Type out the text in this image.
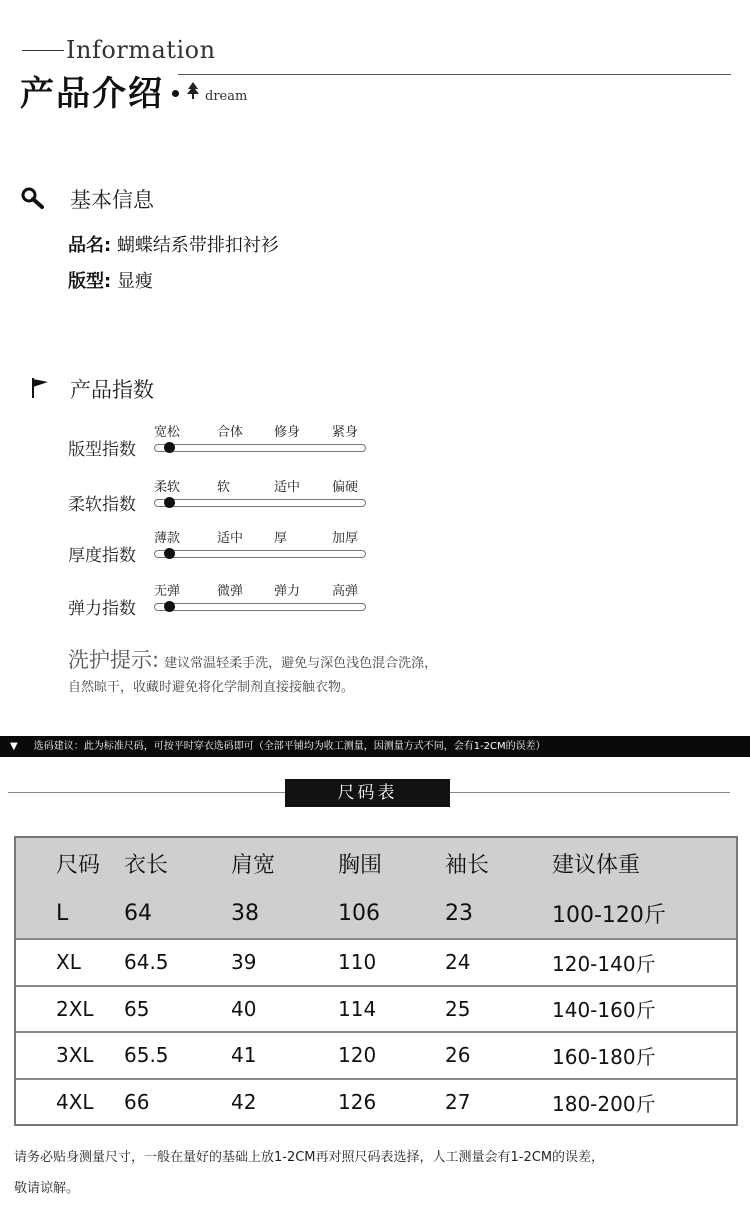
Information
产品介绍	dream
基本信息
品名: 蝴蝶结系带排扣衬衫
版型: 显瘦
产品指数
版型指数
宽松	合体 修身 紧身
柔软指数
柔软	软	适中 偏硬
厚度指数
薄款	适中 厚	加厚
弹力指数
无弹	微弹 弹力 高弹
洗护提示: 建议常温轻柔手洗，避免与深色浅色混合洗涤，
自然晾干，收藏时避免将化学制剂直接接触衣物。
▼ 选码建议：此为标准尺码，可按平时穿衣选码即可（全部平铺均为收工测量，因测量方式不同，会有1-2CM的误差）
尺码表
尺码	衣长	肩宽	胸围	袖长	建议体重
L	64	38	106	23	100-120斤
XL	64.5	39	110	24	120-140斤
2XL	65	40	114	25	140-160斤
3XL	65.5	41	120	26	160-180斤
4XL	66	42	126	27	180-200斤
请务必贴身测量尺寸，一般在量好的基础上放1-2CM再对照尺码表选择，人工测量会有1-2CM的误差，
敬请谅解。
